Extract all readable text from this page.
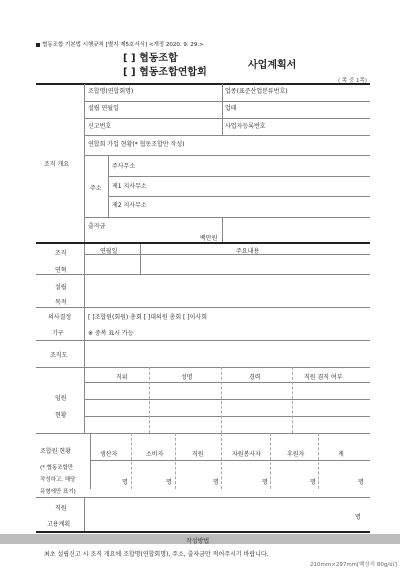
협동조합 기본법 시행규칙 [별지 제5호서식] <개정 2020. 9. 29.>
[ ] 협동조합
[ ] 협동조합연합회
사업계획서
( 쪽 중 1쪽)
조직 개요
조합명(연합회명)	업종(표준산업분류번호)
설립 연월일	업태
신고번호	사업자등록번호
연합회 가입 현황(* 협동조합만 작성)
주소
주사무소
제1 지사무소
제2 지사무소
출자금
백만원
조직
연혁
연월일	주요내용
설립
목적
의사결정
기구
[ ]조합원(회원) 총회 [ ]대의원 총회 [ ]이사회
※ 중복 표시 가능
조직도
임원
현황
직위	성명	경력	직원 겸직 여부
조합원 현황
(* 협동조합만
작성하고, 해당
유형에만 표기)
생산자	소비자	직원	자원봉사자	후원자	계
명	명	명	명	명	명
직원
고용계획
명
작성방법
최초 설립신고 시 조직 개요에 조합명(연합회명), 주소, 출자금만 적어주시기 바랍니다.
210mm×297mm[백상지 80g/㎡]
